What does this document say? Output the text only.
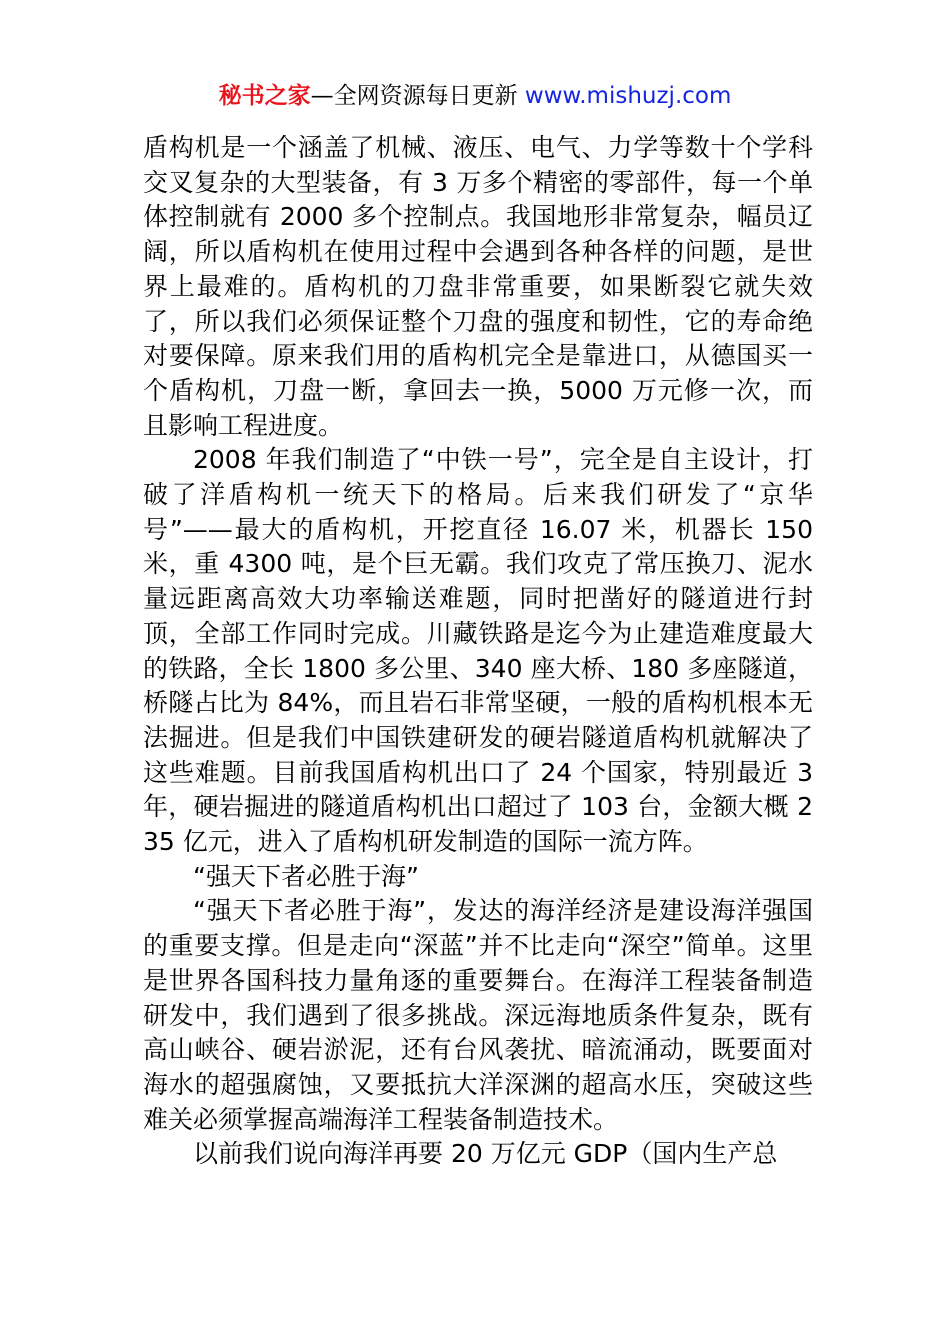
秘书之家—全网资源每日更新 www.mishuzj.com

盾构机是一个涵盖了机械、液压、电气、力学等数十个学科交叉复杂的大型装备，有 3 万多个精密的零部件，每一个单体控制就有 2000 多个控制点。我国地形非常复杂，幅员辽阔，所以盾构机在使用过程中会遇到各种各样的问题，是世界上最难的。盾构机的刀盘非常重要，如果断裂它就失效了，所以我们必须保证整个刀盘的强度和韧性，它的寿命绝对要保障。原来我们用的盾构机完全是靠进口，从德国买一个盾构机，刀盘一断，拿回去一换，5000 万元修一次，而且影响工程进度。

2008 年我们制造了“中铁一号”，完全是自主设计，打破了洋盾构机一统天下的格局。后来我们研发了“京华号”——最大的盾构机，开挖直径 16.07 米，机器长 150 米，重 4300 吨，是个巨无霸。我们攻克了常压换刀、泥水量远距离高效大功率输送难题，同时把凿好的隧道进行封顶，全部工作同时完成。川藏铁路是迄今为止建造难度最大的铁路，全长 1800 多公里、340 座大桥、180 多座隧道，桥隧占比为 84%，而且岩石非常坚硬，一般的盾构机根本无法掘进。但是我们中国铁建研发的硬岩隧道盾构机就解决了这些难题。目前我国盾构机出口了 24 个国家，特别最近 3 年，硬岩掘进的隧道盾构机出口超过了 103 台，金额大概 235 亿元，进入了盾构机研发制造的国际一流方阵。

“强天下者必胜于海”

“强天下者必胜于海”，发达的海洋经济是建设海洋强国的重要支撑。但是走向“深蓝”并不比走向“深空”简单。这里是世界各国科技力量角逐的重要舞台。在海洋工程装备制造研发中，我们遇到了很多挑战。深远海地质条件复杂，既有高山峡谷、硬岩淤泥，还有台风袭扰、暗流涌动，既要面对海水的超强腐蚀，又要抵抗大洋深渊的超高水压，突破这些难关必须掌握高端海洋工程装备制造技术。

以前我们说向海洋再要 20 万亿元 GDP（国内生产总
